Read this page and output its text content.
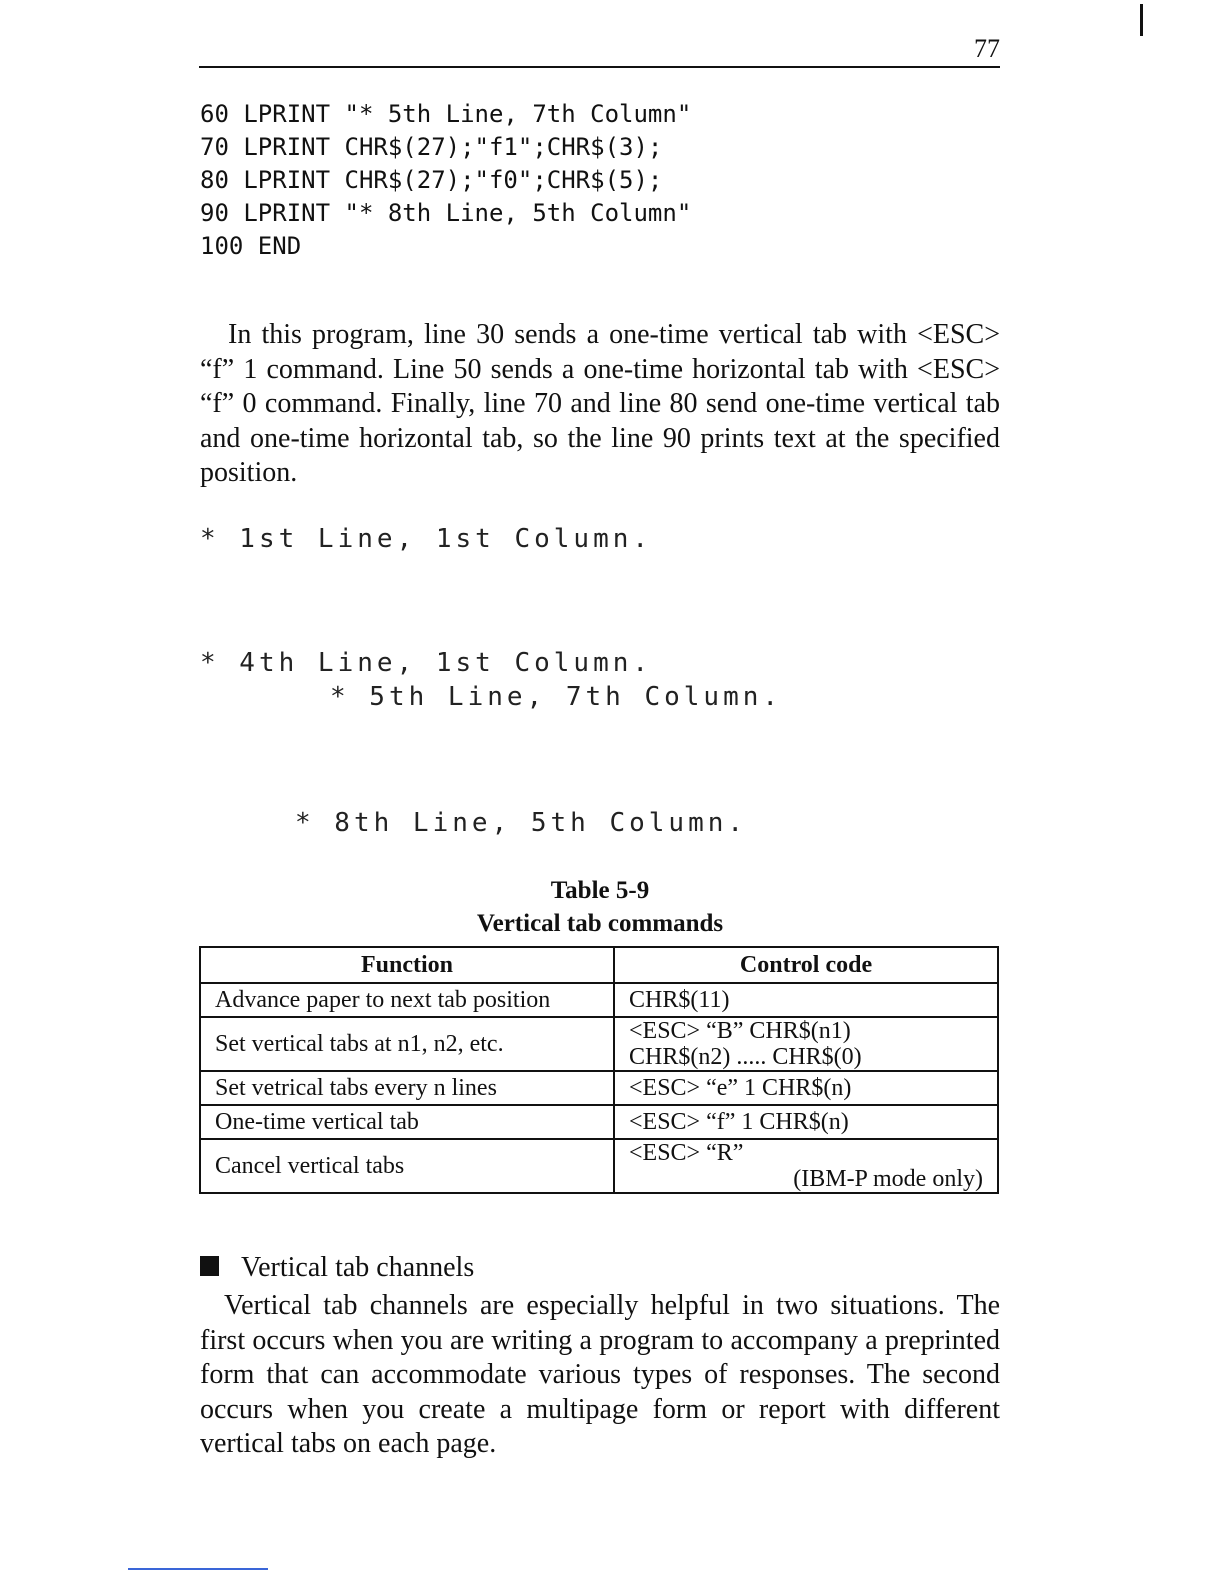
77
60 LPRINT "* 5th Line, 7th Column"
70 LPRINT CHR$(27);"f1";CHR$(3);
80 LPRINT CHR$(27);"f0";CHR$(5);
90 LPRINT "* 8th Line, 5th Column"
100 END

In this program, line 30 sends a one-time vertical tab with <ESC> “f” 1 command. Line 50 sends a one-time horizontal tab with <ESC> “f” 0 command. Finally, line 70 and line 80 send one-time vertical tab and one-time horizontal tab, so the line 90 prints text at the specified position.

* 1st Line, 1st Column.

* 4th Line, 1st Column.

* 5th Line, 7th Column.

* 8th Line, 5th Column.

Table 5-9
Vertical tab commands
Function	Control code
Advance paper to next tab position	CHR$(11)

Set vertical tabs at n1, n2, etc.	<ESC> “B” CHR$(n1)
CHR$(n2) ..... CHR$(0)

Set vetrical tabs every n lines	<ESC> “e” 1 CHR$(n)

One-time vertical tab	<ESC> “f” 1 CHR$(n)

Cancel vertical tabs	<ESC> “R”
(IBM-P mode only)
Vertical tab channels

Vertical tab channels are especially helpful in two situations. The first occurs when you are writing a program to accompany a preprinted form that can accommodate various types of responses. The second occurs when you create a multipage form or report with different vertical tabs on each page.
